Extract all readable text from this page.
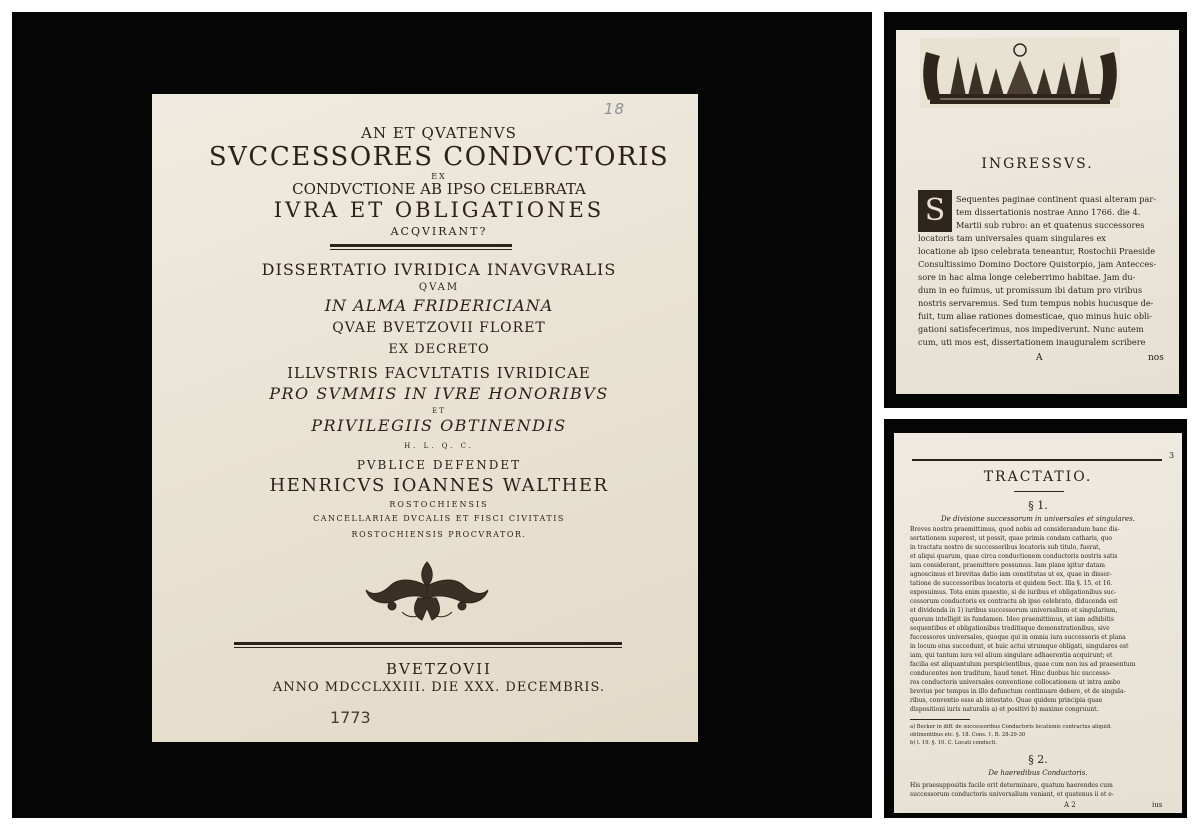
18
AN ET QVATENVS
SVCCESSORES CONDVCTORIS
EX
CONDVCTIONE AB IPSO CELEBRATA
IVRA ET OBLIGATIONES
ACQVIRANT?
DISSERTATIO IVRIDICA INAVGVRALIS
QVAM
IN ALMA FRIDERICIANA
QVAE BVETZOVII FLORET
EX DECRETO
ILLVSTRIS FACVLTATIS IVRIDICAE
PRO SVMMIS IN IVRE HONORIBVS
ET
PRIVILEGIIS OBTINENDIS
H. L. Q. C.
PVBLICE DEFENDET
HENRICVS IOANNES WALTHER
ROSTOCHIENSIS
CANCELLARIAE DVCALIS ET FISCI CIVITATIS
ROSTOCHIENSIS PROCVRATOR.
BVETZOVII
ANNO MDCCLXXIII. DIE XXX. DECEMBRIS.
1773
INGRESSVS.
S	Sequentes paginae continent quasi alteram par-
tem dissertationis nostrae Anno 1766. die 4.
Martii sub rubro: an et quatenus successores
locatoris tam universales quam singulares ex
locatione ab ipso celebrata teneantur, Rostochii Praeside
Consultissimo Domino Doctore Quistorpio, jam Antecces-
sore in hac alma longe celeberrimo habitae. Jam du-
dum in eo fuimus, ut promissum ibi datum pro viribus
nostris servaremus. Sed tum tempus nobis hucusque de-
fuit, tum aliae rationes domesticae, quo minus huic obli-
gationi satisfecerimus, nos impediverunt. Nunc autem
cum, uti mos est, dissertationem inauguralem scribere
A	nos
3
TRACTATIO.
§ 1.
De divisione successorum in universales et singulares.
Breves nostra praemittimus, quod nobis ad considerandum hanc dis-
sertationem superest, ut possit, quae primis condam catharis, quo
in tractatu nostro de successoribus locatoris sub titulo, fuerat,
et aliqui quarum, quae circa conductionem conductoris nostris satis
iam considerant, praemittere possumus. Iam plane igitur datam
agnoscimus et brevitas datio iam constitutas ut ex, quae in disser-
tatione de successoribus locatoris et quidem Sect. Illa §. 15. et 16.
exposuimus. Tota enim quaestio, si de iuribus et obligationibus suc-
cessorum conductoris ex contractu ab ipso celebrato, diducenda est
et dividenda in 1) iuribus successorum universalium et singularium,
quorum intelligit iis fundamen. Ideo praemittimus, ut iam adhibitis
sequentibus et obligationibus traditisque demonstrationibus, sive
fuccessores universales, quoque qui in omnia iura successoris et plana
in locum eius succedunt, et huic actui utrumque obligati, singulares est
iam, qui tantum iura vel alium singulare adhaerentia acquirunt; et
facilia est aliquantulum perspicientibus, quae cum non ius ad praesentum
conducentes non traditum, haud tenet. Hinc duobus hic successo-
res conductoris universales conventione collocationem ut intra ambo
brevius per tempus in illo defunctum continuare debere, et de singula-
ribus, conventio esse ab intestato. Quae quidem principia quae
dispositioni iuris naturalis a) et positivi b) maxime congruunt.
a) Becker in diff. de successoribus Conductoris locationis contractus aliquid.
obtinentibus etc. §. 18. Cons. 1. B. 28-29-30
b) l. 19. §. 10. C. Locati conducti.
§ 2.
De haeredibus Conductoris.
His praesuppositis facile erit determinare, quatum haerendes cum
successorum conductoris universalium veniant, et quatenus ii et e-
A 2	ius
